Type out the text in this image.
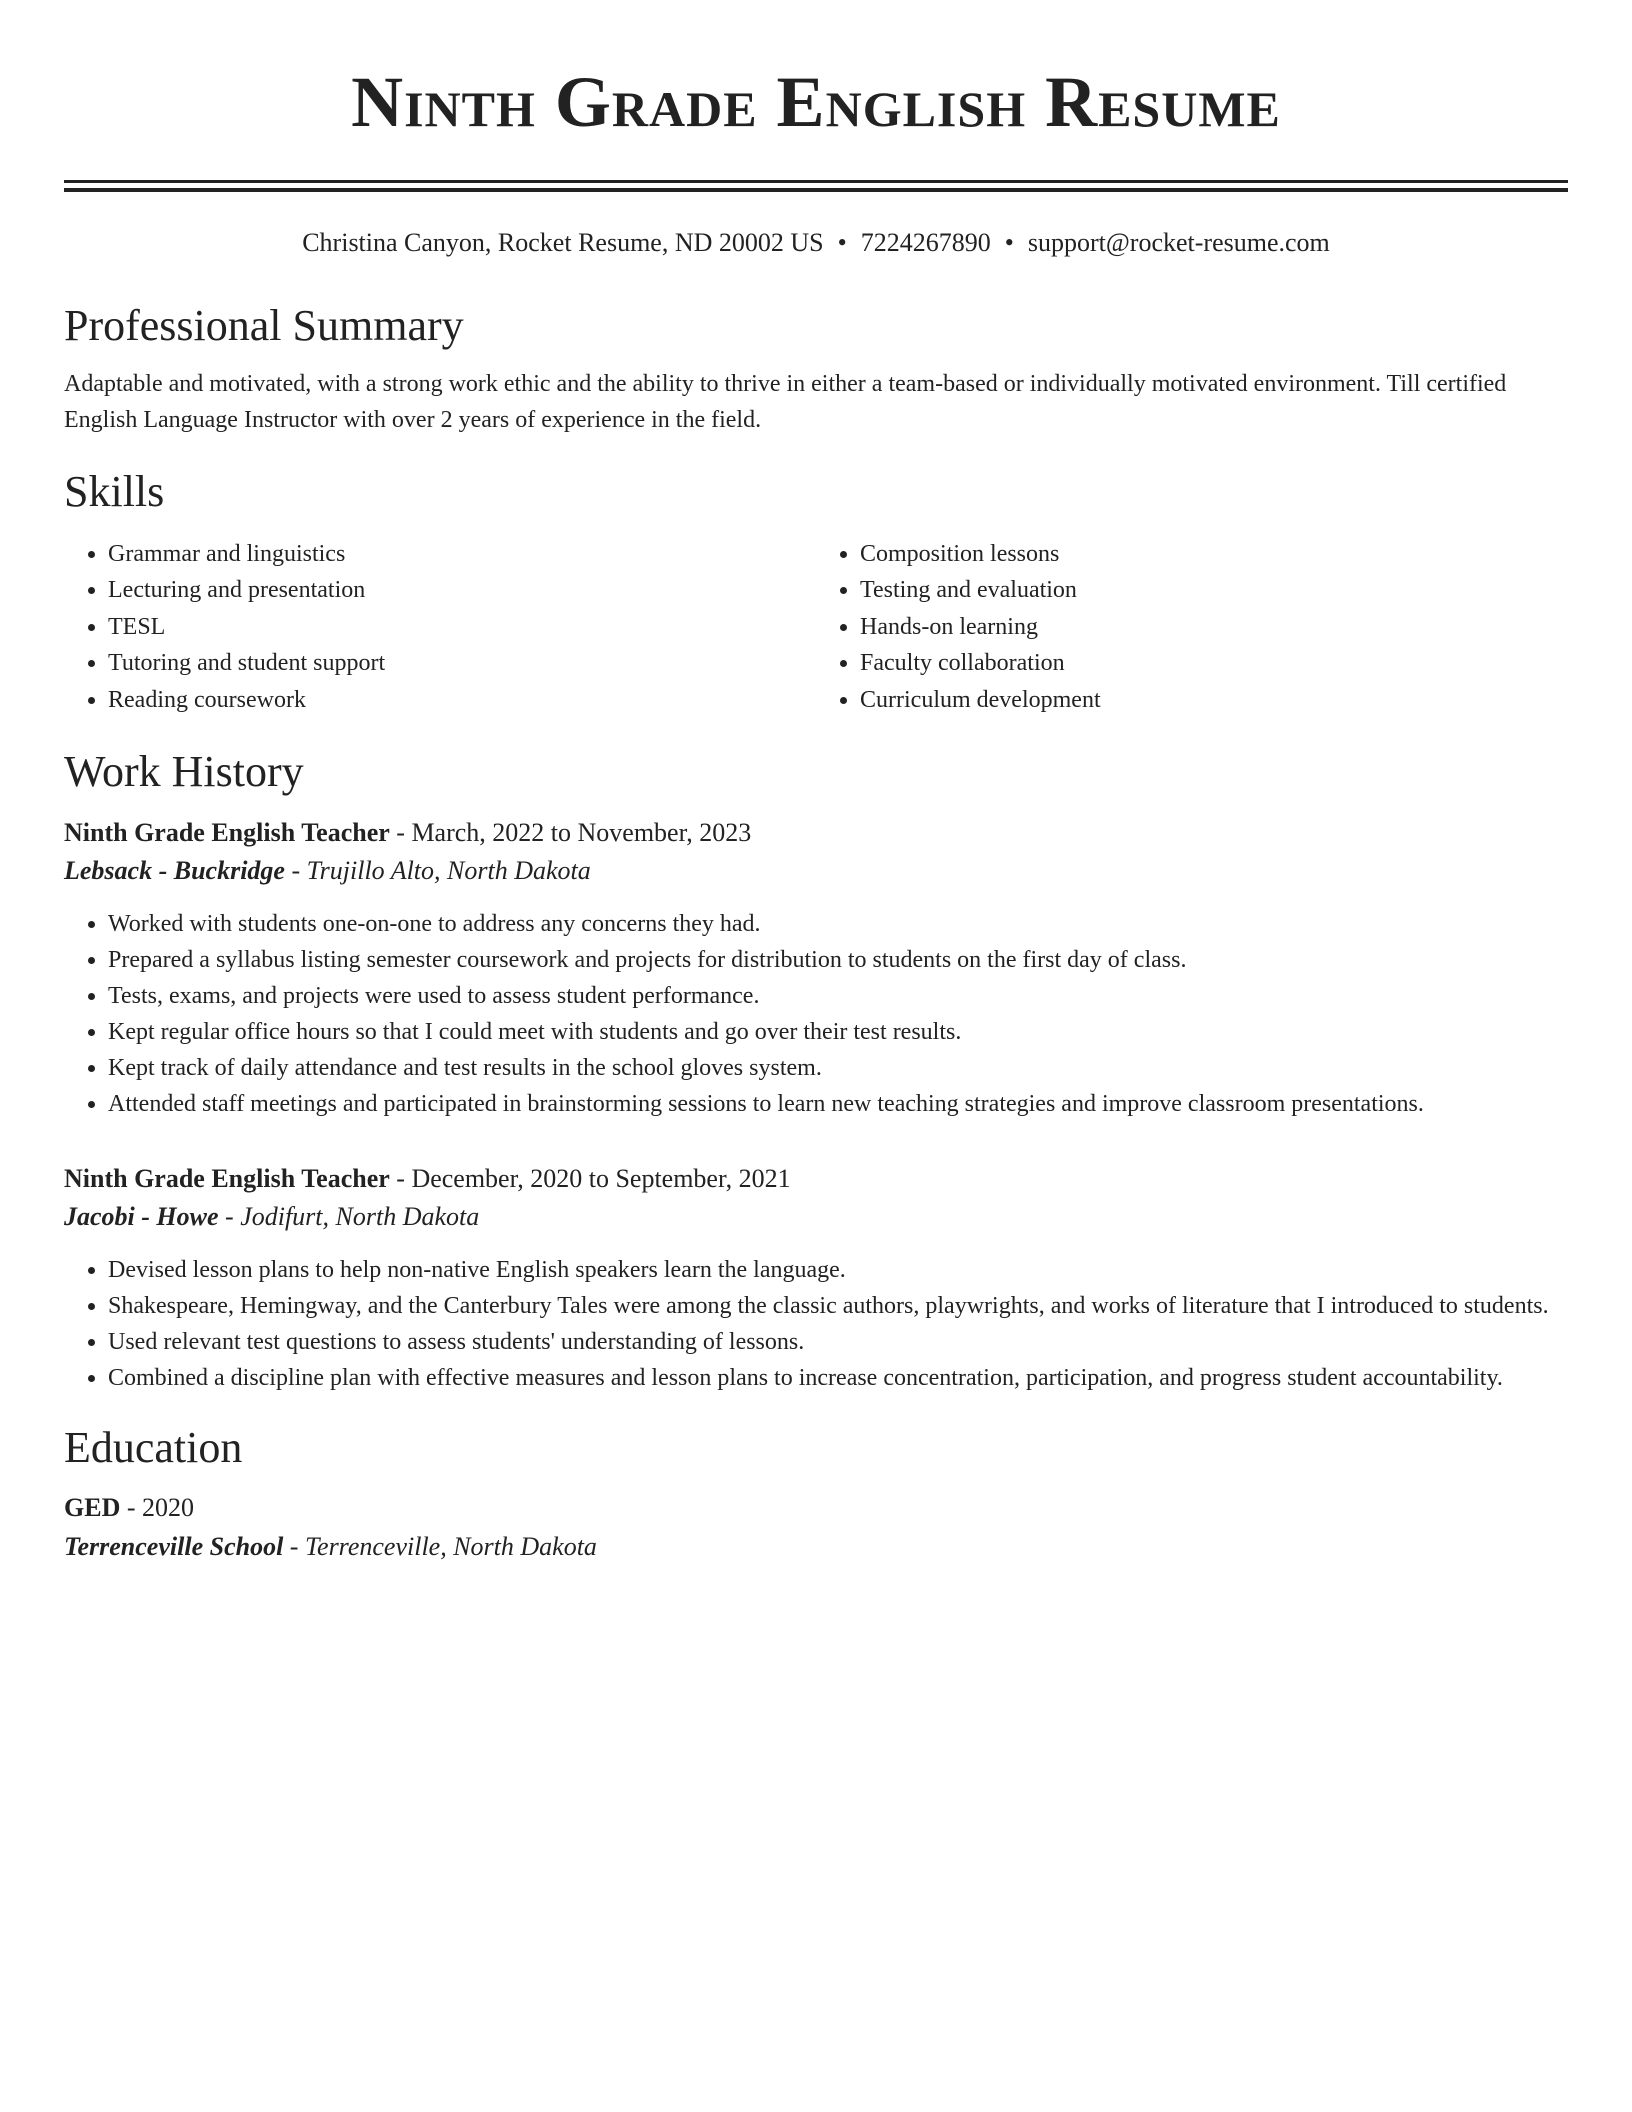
Ninth Grade English Resume
Christina Canyon, Rocket Resume, ND 20002 US • 7224267890 • support@rocket-resume.com
Professional Summary
Adaptable and motivated, with a strong work ethic and the ability to thrive in either a team-based or individually motivated environment. Till certified English Language Instructor with over 2 years of experience in the field.
Skills
• Grammar and linguistics
• Lecturing and presentation
• TESL
• Tutoring and student support
• Reading coursework
• Composition lessons
• Testing and evaluation
• Hands-on learning
• Faculty collaboration
• Curriculum development
Work History
Ninth Grade English Teacher - March, 2022 to November, 2023
Lebsack - Buckridge - Trujillo Alto, North Dakota
• Worked with students one-on-one to address any concerns they had.
• Prepared a syllabus listing semester coursework and projects for distribution to students on the first day of class.
• Tests, exams, and projects were used to assess student performance.
• Kept regular office hours so that I could meet with students and go over their test results.
• Kept track of daily attendance and test results in the school gloves system.
• Attended staff meetings and participated in brainstorming sessions to learn new teaching strategies and improve classroom presentations.
Ninth Grade English Teacher - December, 2020 to September, 2021
Jacobi - Howe - Jodifurt, North Dakota
• Devised lesson plans to help non-native English speakers learn the language.
• Shakespeare, Hemingway, and the Canterbury Tales were among the classic authors, playwrights, and works of literature that I introduced to students.
• Used relevant test questions to assess students' understanding of lessons.
• Combined a discipline plan with effective measures and lesson plans to increase concentration, participation, and progress student accountability.
Education
GED - 2020
Terrenceville School - Terrenceville, North Dakota
